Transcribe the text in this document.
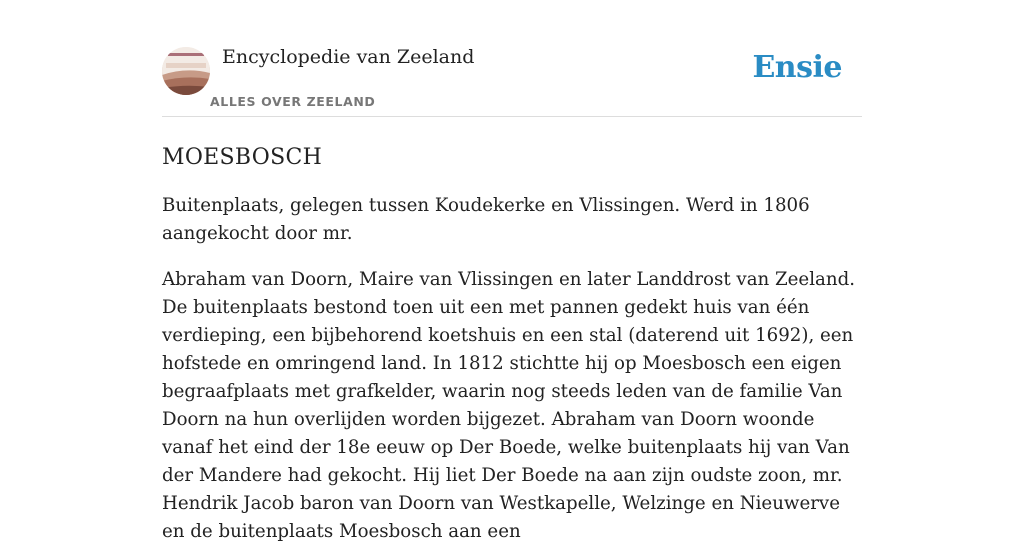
Encyclopedie van Zeeland
ALLES OVER ZEELAND
Ensie
MOESBOSCH

Buitenplaats, gelegen tussen Koudekerke en Vlissingen. Werd in 1806 aangekocht door mr.

Abraham van Doorn, Maire van Vlissingen en later Landdrost van Zeeland. De buitenplaats bestond toen uit een met pannen gedekt huis van één verdieping, een bijbehorend koetshuis en een stal (daterend uit 1692), een hofstede en omringend land. In 1812 stichtte hij op Moesbosch een eigen begraafplaats met grafkelder, waarin nog steeds leden van de familie Van Doorn na hun overlijden worden bijgezet. Abraham van Doorn woonde vanaf het eind der 18e eeuw op Der Boede, welke buitenplaats hij van Van der Mandere had gekocht. Hij liet Der Boede na aan zijn oudste zoon, mr. Hendrik Jacob baron van Doorn van Westkapelle, Welzinge en Nieuwerve en de buitenplaats Moesbosch aan een
